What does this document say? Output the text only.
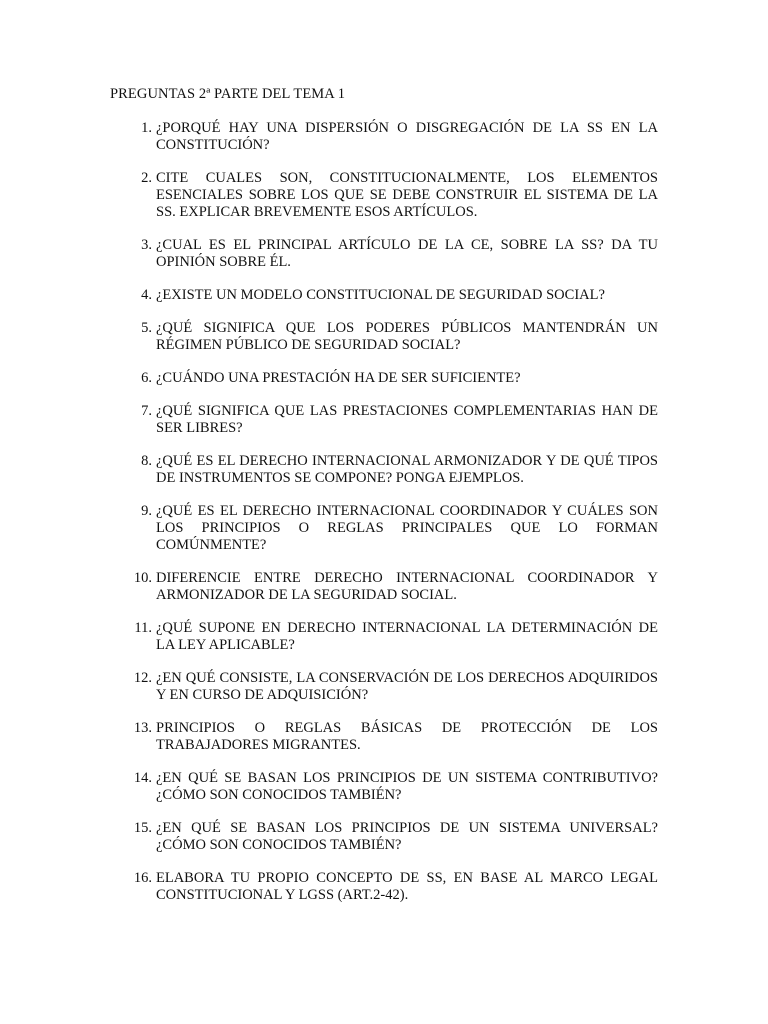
PREGUNTAS 2ª PARTE DEL TEMA 1
1. ¿PORQUÉ HAY UNA DISPERSIÓN O DISGREGACIÓN DE LA SS EN LA CONSTITUCIÓN?
2. CITE CUALES SON, CONSTITUCIONALMENTE, LOS ELEMENTOS ESENCIALES SOBRE LOS QUE SE DEBE CONSTRUIR EL SISTEMA DE LA SS. EXPLICAR BREVEMENTE ESOS ARTÍCULOS.
3. ¿CUAL ES EL PRINCIPAL ARTÍCULO DE LA CE, SOBRE LA SS? DA TU OPINIÓN SOBRE ÉL.
4. ¿EXISTE UN MODELO CONSTITUCIONAL DE SEGURIDAD SOCIAL?
5. ¿QUÉ SIGNIFICA QUE LOS PODERES PÚBLICOS MANTENDRÁN UN RÉGIMEN PÚBLICO DE SEGURIDAD SOCIAL?
6. ¿CUÁNDO UNA PRESTACIÓN HA DE SER SUFICIENTE?
7. ¿QUÉ SIGNIFICA QUE LAS PRESTACIONES COMPLEMENTARIAS HAN DE SER LIBRES?
8. ¿QUÉ ES EL DERECHO INTERNACIONAL ARMONIZADOR Y DE QUÉ TIPOS DE INSTRUMENTOS SE COMPONE? PONGA EJEMPLOS.
9. ¿QUÉ ES EL DERECHO INTERNACIONAL COORDINADOR Y CUÁLES SON LOS PRINCIPIOS O REGLAS PRINCIPALES QUE LO FORMAN COMÚNMENTE?
10. DIFERENCIE ENTRE DERECHO INTERNACIONAL COORDINADOR Y ARMONIZADOR DE LA SEGURIDAD SOCIAL.
11. ¿QUÉ SUPONE EN DERECHO INTERNACIONAL LA DETERMINACIÓN DE LA LEY APLICABLE?
12. ¿EN QUÉ CONSISTE, LA CONSERVACIÓN DE LOS DERECHOS ADQUIRIDOS Y EN CURSO DE ADQUISICIÓN?
13. PRINCIPIOS O REGLAS BÁSICAS DE PROTECCIÓN DE LOS TRABAJADORES MIGRANTES.
14. ¿EN QUÉ SE BASAN LOS PRINCIPIOS DE UN SISTEMA CONTRIBUTIVO? ¿CÓMO SON CONOCIDOS TAMBIÉN?
15. ¿EN QUÉ SE BASAN LOS PRINCIPIOS DE UN SISTEMA UNIVERSAL? ¿CÓMO SON CONOCIDOS TAMBIÉN?
16. ELABORA TU PROPIO CONCEPTO DE SS, EN BASE AL MARCO LEGAL CONSTITUCIONAL Y LGSS (ART.2-42).
